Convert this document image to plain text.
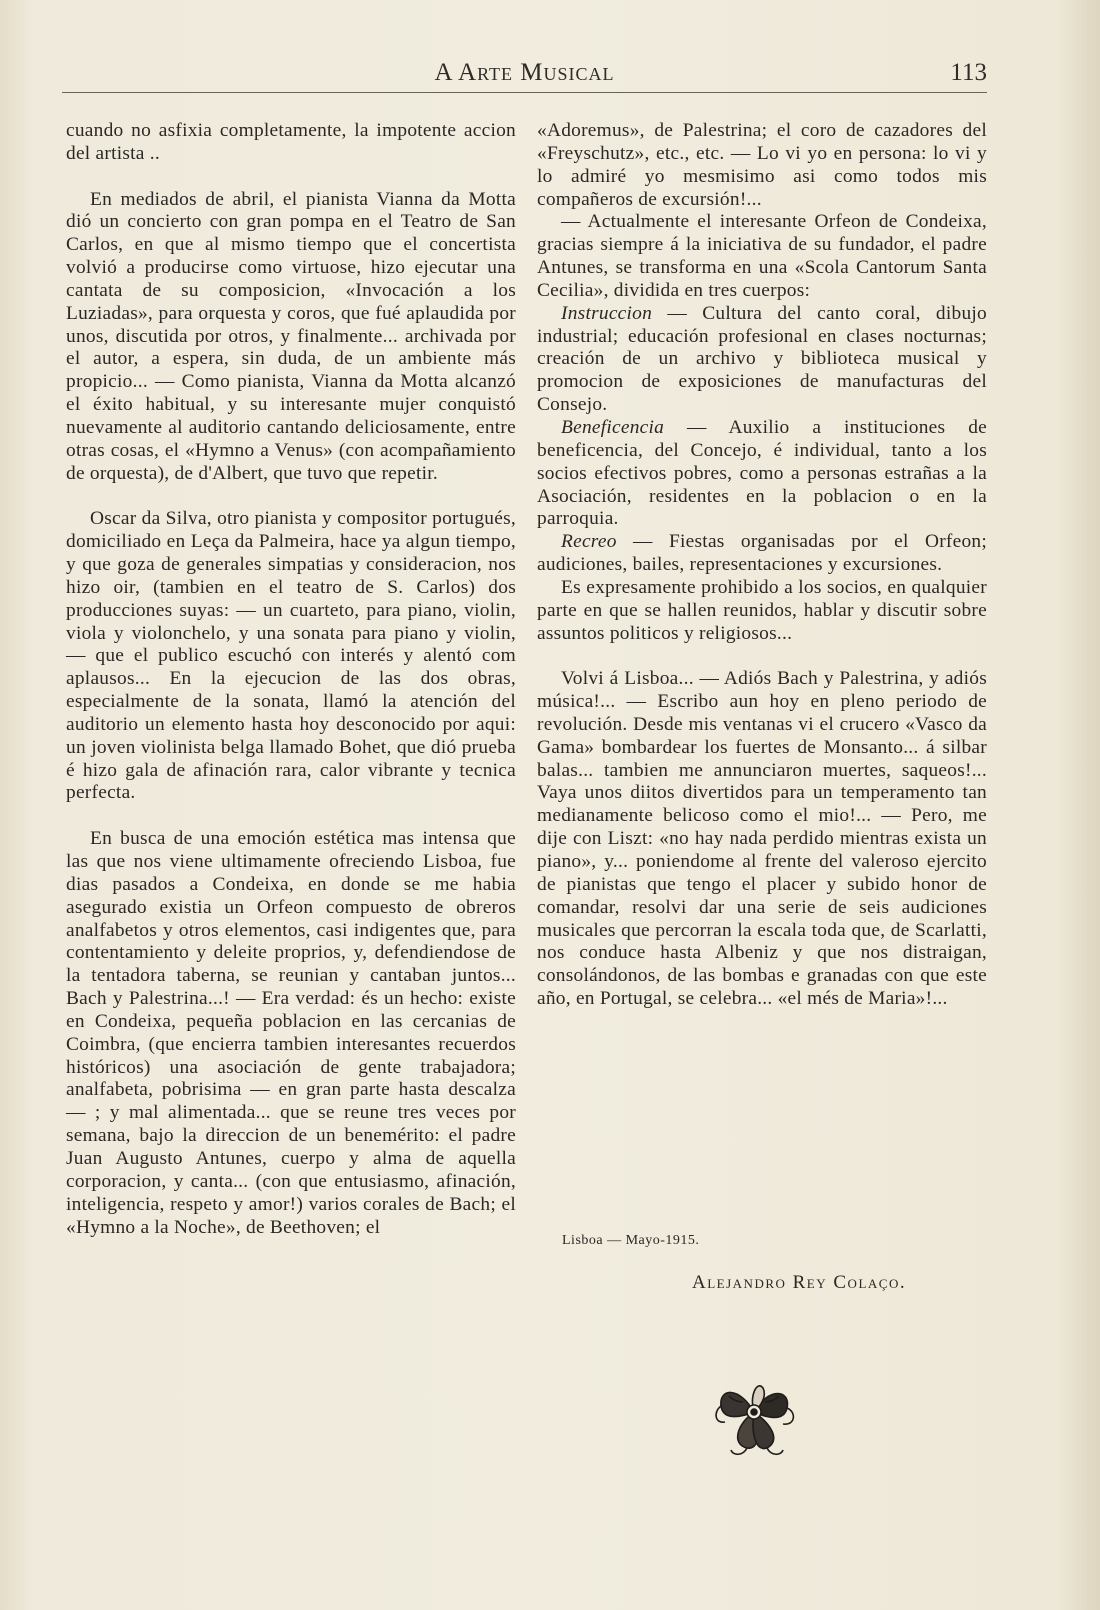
A Arte Musical	113

cuando no asfixia completamente, la impotente accion del artista ..

En mediados de abril, el pianista Vianna da Motta dió un concierto con gran pompa en el Teatro de San Carlos, en que al mismo tiempo que el concertista volvió a producirse como virtuose, hizo ejecutar una cantata de su composicion, «Invocación a los Luziadas», para orquesta y coros, que fué aplaudida por unos, discutida por otros, y finalmente... archivada por el autor, a espera, sin duda, de un ambiente más propicio... — Como pianista, Vianna da Motta alcanzó el éxito habitual, y su interesante mujer conquistó nuevamente al auditorio cantando deliciosamente, entre otras cosas, el «Hymno a Venus» (con acompañamiento de orquesta), de d'Albert, que tuvo que repetir.

Oscar da Silva, otro pianista y compositor portugués, domiciliado en Leça da Palmeira, hace ya algun tiempo, y que goza de generales simpatias y consideracion, nos hizo oir, (tambien en el teatro de S. Carlos) dos producciones suyas: — un cuarteto, para piano, violin, viola y violonchelo, y una sonata para piano y violin, — que el publico escuchó con interés y alentó com aplausos... En la ejecucion de las dos obras, especialmente de la sonata, llamó la atención del auditorio un elemento hasta hoy desconocido por aqui: un joven violinista belga llamado Bohet, que dió prueba é hizo gala de afinación rara, calor vibrante y tecnica perfecta.

En busca de una emoción estética mas intensa que las que nos viene ultimamente ofreciendo Lisboa, fue dias pasados a Condeixa, en donde se me habia asegurado existia un Orfeon compuesto de obreros analfabetos y otros elementos, casi indigentes que, para contentamiento y deleite proprios, y, defendiendose de la tentadora taberna, se reunian y cantaban juntos... Bach y Palestrina...! — Era verdad: és un hecho: existe en Condeixa, pequeña poblacion en las cercanias de Coimbra, (que encierra tambien interesantes recuerdos históricos) una asociación de gente trabajadora; analfabeta, pobrisima — en gran parte hasta descalza — ; y mal alimentada... que se reune tres veces por semana, bajo la direccion de un benemérito: el padre Juan Augusto Antunes, cuerpo y alma de aquella corporacion, y canta... (con que entusiasmo, afinación, inteligencia, respeto y amor!) varios corales de Bach; el «Hymno a la Noche», de Beethoven; el

«Adoremus», de Palestrina; el coro de cazadores del «Freyschutz», etc., etc. — Lo vi yo en persona: lo vi y lo admiré yo mesmisimo asi como todos mis compañeros de excursión!...

— Actualmente el interesante Orfeon de Condeixa, gracias siempre á la iniciativa de su fundador, el padre Antunes, se transforma en una «Scola Cantorum Santa Cecilia», dividida en tres cuerpos:

Instruccion — Cultura del canto coral, dibujo industrial; educación profesional en clases nocturnas; creación de un archivo y biblioteca musical y promocion de exposiciones de manufacturas del Consejo.

Beneficencia — Auxilio a instituciones de beneficencia, del Concejo, é individual, tanto a los socios efectivos pobres, como a personas estrañas a la Asociación, residentes en la poblacion o en la parroquia.

Recreo — Fiestas organisadas por el Orfeon; audiciones, bailes, representaciones y excursiones.

Es expresamente prohibido a los socios, en qualquier parte en que se hallen reunidos, hablar y discutir sobre assuntos politicos y religiosos...

Volvi á Lisboa... — Adiós Bach y Palestrina, y adiós música!... — Escribo aun hoy en pleno periodo de revolución. Desde mis ventanas vi el crucero «Vasco da Gama» bombardear los fuertes de Monsanto... á silbar balas... tambien me annunciaron muertes, saqueos!... Vaya unos diitos divertidos para un temperamento tan medianamente belicoso como el mio!... — Pero, me dije con Liszt: «no hay nada perdido mientras exista un piano», y... poniendome al frente del valeroso ejercito de pianistas que tengo el placer y subido honor de comandar, resolvi dar una serie de seis audiciones musicales que percorran la escala toda que, de Scarlatti, nos conduce hasta Albeniz y que nos distraigan, consolándonos, de las bombas e granadas con que este año, en Portugal, se celebra... «el més de Maria»!...

Lisboa — Mayo-1915.
Alejandro Rey Colaço.
